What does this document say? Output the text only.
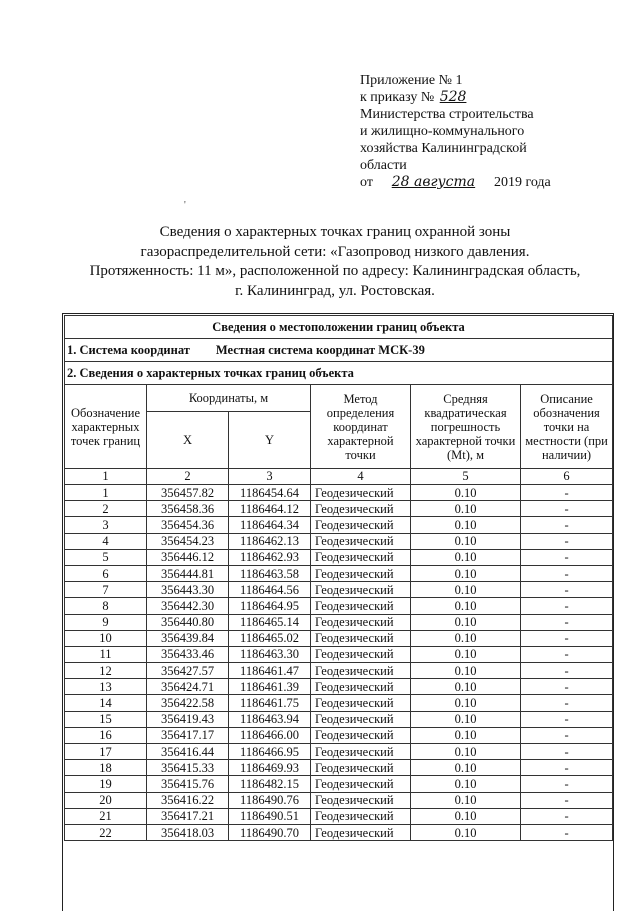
Приложение № 1
к приказу № 528
Министерства строительства
и жилищно-коммунального
хозяйства Калининградской
области
от 28 августа 2019 года
'
Сведения о характерных точках границ охранной зоны
газораспределительной сети: «Газопровод низкого давления.
Протяженность: 11 м», расположенной по адресу: Калининградская область,
г. Калининград, ул. Ростовская.
Сведения о местоположении границ объекта					
1. Система координат Местная система координат МСК-39					
2. Сведения о характерных точках границ объекта					
Обозначение характерных точек границ	Координаты, м		Метод определения координат характерной точки	Средняя квадратическая погрешность характерной точки (Mt), м	Описание обозначения точки на местности (при наличии)
	X	Y			
1	2	3	4	5	6
1	356457.82	1186454.64	Геодезический	0.10	-
2	356458.36	1186464.12	Геодезический	0.10	-
3	356454.36	1186464.34	Геодезический	0.10	-
4	356454.23	1186462.13	Геодезический	0.10	-
5	356446.12	1186462.93	Геодезический	0.10	-
6	356444.81	1186463.58	Геодезический	0.10	-
7	356443.30	1186464.56	Геодезический	0.10	-
8	356442.30	1186464.95	Геодезический	0.10	-
9	356440.80	1186465.14	Геодезический	0.10	-
10	356439.84	1186465.02	Геодезический	0.10	-
11	356433.46	1186463.30	Геодезический	0.10	-
12	356427.57	1186461.47	Геодезический	0.10	-
13	356424.71	1186461.39	Геодезический	0.10	-
14	356422.58	1186461.75	Геодезический	0.10	-
15	356419.43	1186463.94	Геодезический	0.10	-
16	356417.17	1186466.00	Геодезический	0.10	-
17	356416.44	1186466.95	Геодезический	0.10	-
18	356415.33	1186469.93	Геодезический	0.10	-
19	356415.76	1186482.15	Геодезический	0.10	-
20	356416.22	1186490.76	Геодезический	0.10	-
21	356417.21	1186490.51	Геодезический	0.10	-
22	356418.03	1186490.70	Геодезический	0.10	-
